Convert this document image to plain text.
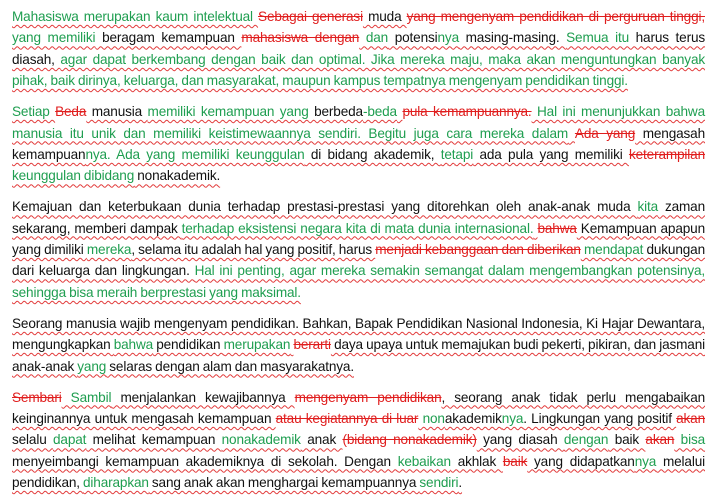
Mahasiswa merupakan kaum intelektual Sebagai generasi muda yang mengenyam pendidikan di perguruan tinggi, yang memiliki beragam kemampuan mahasiswa dengan dan potensinya masing-masing. Semua itu harus terus diasah, agar dapat berkembang dengan baik dan optimal. Jika mereka maju, maka akan menguntungkan banyak pihak, baik dirinya, keluarga, dan masyarakat, maupun kampus tempatnya mengenyam pendidikan tinggi.

Setiap Beda manusia memiliki kemampuan yang berbeda-beda pula kemampuannya. Hal ini menunjukkan bahwa manusia itu unik dan memiliki keistimewaannya sendiri. Begitu juga cara mereka dalam Ada yang mengasah kemampuannya. Ada yang memiliki keunggulan di bidang akademik, tetapi ada pula yang memiliki keterampilan keunggulan dibidang nonakademik.

Kemajuan dan keterbukaan dunia terhadap prestasi-prestasi yang ditorehkan oleh anak-anak muda kita zaman sekarang, memberi dampak terhadap eksistensi negara kita di mata dunia internasional. bahwa Kemampuan apapun yang dimiliki mereka, selama itu adalah hal yang positif, harus menjadi kebanggaan dan diberikan mendapat dukungan dari keluarga dan lingkungan. Hal ini penting, agar mereka semakin semangat dalam mengembangkan potensinya, sehingga bisa meraih berprestasi yang maksimal.

Seorang manusia wajib mengenyam pendidikan. Bahkan, Bapak Pendidikan Nasional Indonesia, Ki Hajar Dewantara, mengungkapkan bahwa pendidikan merupakan berarti daya upaya untuk memajukan budi pekerti, pikiran, dan jasmani anak-anak yang selaras dengan alam dan masyarakatnya.

Sembari Sambil menjalankan kewajibannya mengenyam pendidikan, seorang anak tidak perlu mengabaikan keinginannya untuk mengasah kemampuan atau kegiatannya di luar nonakademiknya. Lingkungan yang positif akan selalu dapat melihat kemampuan nonakademik anak (bidang nonakademik) yang diasah dengan baik akan bisa menyeimbangi kemampuan akademiknya di sekolah. Dengan kebaikan akhlak baik yang didapatkannya melalui pendidikan, diharapkan sang anak akan menghargai kemampuannya sendiri.
